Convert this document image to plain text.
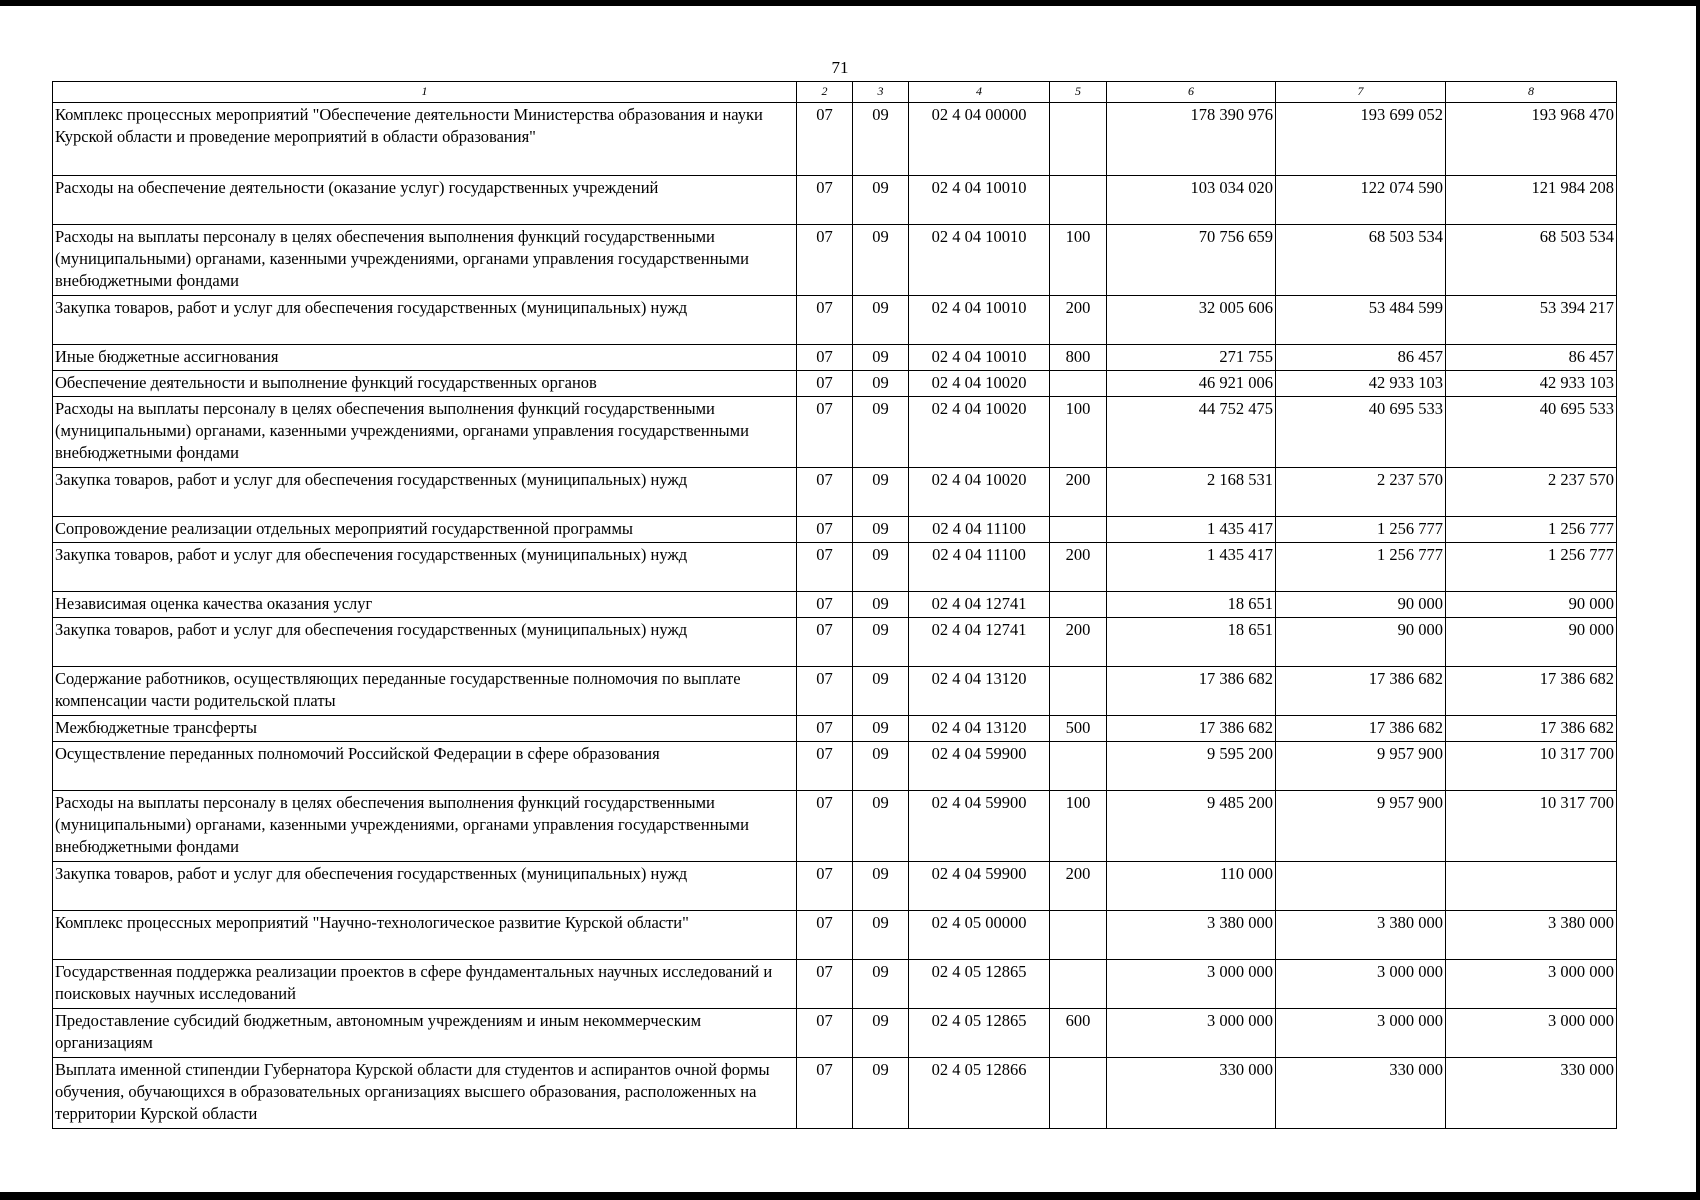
71
1	2	3	4	5	6	7	8
Комплекс процессных мероприятий "Обеспечение деятельности Министерства образования и науки Курской области и проведение мероприятий в области образования"	07	09	02 4 04 00000		178 390 976	193 699 052	193 968 470
Расходы на обеспечение деятельности (оказание услуг) государственных учреждений	07	09	02 4 04 10010		103 034 020	122 074 590	121 984 208
Расходы на выплаты персоналу в целях обеспечения выполнения функций государственными (муниципальными) органами, казенными учреждениями, органами управления государственными внебюджетными фондами	07	09	02 4 04 10010	100	70 756 659	68 503 534	68 503 534
Закупка товаров, работ и услуг для обеспечения государственных (муниципальных) нужд	07	09	02 4 04 10010	200	32 005 606	53 484 599	53 394 217
Иные бюджетные ассигнования	07	09	02 4 04 10010	800	271 755	86 457	86 457
Обеспечение деятельности и выполнение функций государственных органов	07	09	02 4 04 10020		46 921 006	42 933 103	42 933 103
Расходы на выплаты персоналу в целях обеспечения выполнения функций государственными (муниципальными) органами, казенными учреждениями, органами управления государственными внебюджетными фондами	07	09	02 4 04 10020	100	44 752 475	40 695 533	40 695 533
Закупка товаров, работ и услуг для обеспечения государственных (муниципальных) нужд	07	09	02 4 04 10020	200	2 168 531	2 237 570	2 237 570
Сопровождение реализации отдельных мероприятий государственной программы	07	09	02 4 04 11100		1 435 417	1 256 777	1 256 777
Закупка товаров, работ и услуг для обеспечения государственных (муниципальных) нужд	07	09	02 4 04 11100	200	1 435 417	1 256 777	1 256 777
Независимая оценка качества оказания услуг	07	09	02 4 04 12741		18 651	90 000	90 000
Закупка товаров, работ и услуг для обеспечения государственных (муниципальных) нужд	07	09	02 4 04 12741	200	18 651	90 000	90 000
Содержание работников, осуществляющих переданные государственные полномочия по выплате компенсации части родительской платы	07	09	02 4 04 13120		17 386 682	17 386 682	17 386 682
Межбюджетные трансферты	07	09	02 4 04 13120	500	17 386 682	17 386 682	17 386 682
Осуществление переданных полномочий Российской Федерации в сфере образования	07	09	02 4 04 59900		9 595 200	9 957 900	10 317 700
Расходы на выплаты персоналу в целях обеспечения выполнения функций государственными (муниципальными) органами, казенными учреждениями, органами управления государственными внебюджетными фондами	07	09	02 4 04 59900	100	9 485 200	9 957 900	10 317 700
Закупка товаров, работ и услуг для обеспечения государственных (муниципальных) нужд	07	09	02 4 04 59900	200	110 000		
Комплекс процессных мероприятий "Научно-технологическое развитие Курской области"	07	09	02 4 05 00000		3 380 000	3 380 000	3 380 000
Государственная поддержка реализации проектов в сфере фундаментальных научных исследований и поисковых научных исследований	07	09	02 4 05 12865		3 000 000	3 000 000	3 000 000
Предоставление субсидий бюджетным, автономным учреждениям и иным некоммерческим организациям	07	09	02 4 05 12865	600	3 000 000	3 000 000	3 000 000
Выплата именной стипендии Губернатора Курской области для студентов и аспирантов очной формы обучения, обучающихся в образовательных организациях высшего образования, расположенных на территории Курской области	07	09	02 4 05 12866		330 000	330 000	330 000
